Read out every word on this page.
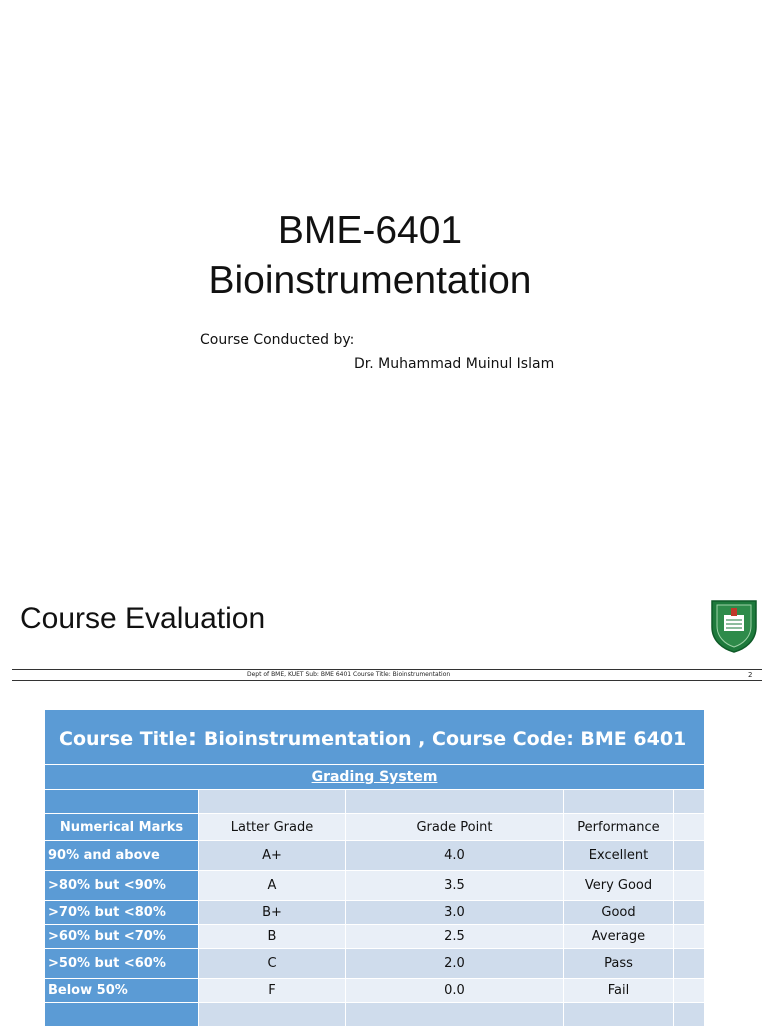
BME-6401
Bioinstrumentation
Course Conducted by:
Dr. Muhammad Muinul Islam
Course Evaluation
Dept of BME, KUET Sub: BME 6401 Course Title: Bioinstrumentation	2
Course Title: Bioinstrumentation , Course Code: BME 6401				
Grading System				

Numerical Marks	Latter Grade	Grade Point	Performance	
90% and above	A+	4.0	Excellent	
>80% but <90%	A	3.5	Very Good	
>70% but <80%	B+	3.0	Good	
>60% but <70%	B	2.5	Average	
>50% but <60%	C	2.0	Pass	
Below 50%	F	0.0	Fail	
